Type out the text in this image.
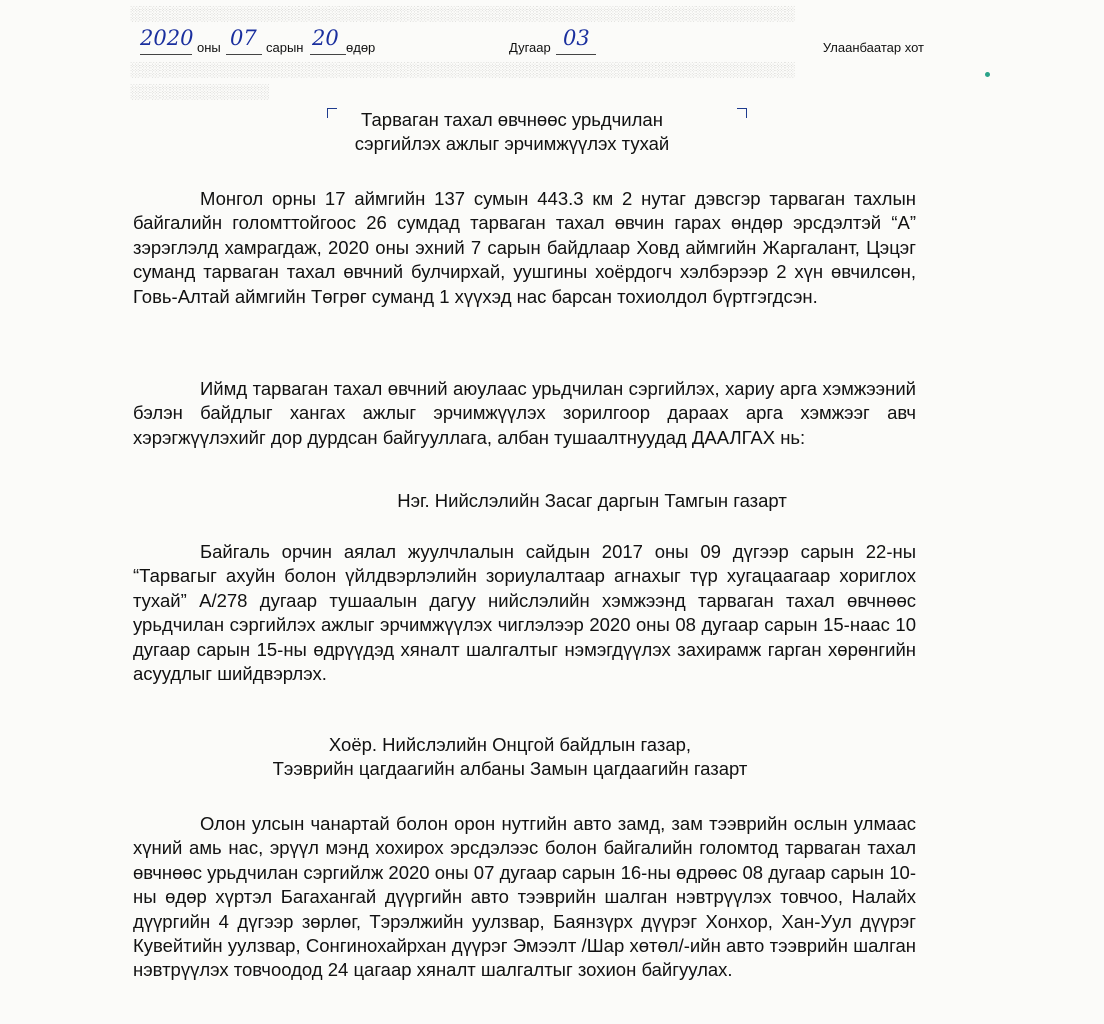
░░░░░░░░░░░░░░░░░░░░░░░░░░░░░░░░░░░░░░░░░░░░░░░░░░░░░░░░░░░░░░░░░░░
░░░░░░░░░░░░░░░░░░░░░░░░░░░░░░░░░░░░░░░░░░░░░░░░░░░░░░░░░░░░░░░░░░░
░░░░░░░░░░░░░░
2020 оны 07 сарын 20 өдөр	Дугаар 03	Улаанбаатар хот
Тарваган тахал өвчнөөс урьдчилан
сэргийлэх ажлыг эрчимжүүлэх тухай
Монгол орны 17 аймгийн 137 сумын 443.3 км 2 нутаг дэвсгэр тарваган тахлын байгалийн голомттойгоос 26 сумдад тарваган тахал өвчин гарах өндөр эрсдэлтэй “А” зэрэглэлд хамрагдаж, 2020 оны эхний 7 сарын байдлаар Ховд аймгийн Жаргалант, Цэцэг суманд тарваган тахал өвчний булчирхай, уушгины хоёрдогч хэлбэрээр 2 хүн өвчилсөн, Говь-Алтай аймгийн Төгрөг суманд 1 хүүхэд нас барсан тохиолдол бүртгэгдсэн.
Иймд тарваган тахал өвчний аюулаас урьдчилан сэргийлэх, хариу арга хэмжээний бэлэн байдлыг хангах ажлыг эрчимжүүлэх зорилгоор дараах арга хэмжээг авч хэрэгжүүлэхийг дор дурдсан байгууллага, албан тушаалтнуудад ДААЛГАХ нь:
Нэг. Нийслэлийн Засаг даргын Тамгын газарт
Байгаль орчин аялал жуулчлалын сайдын 2017 оны 09 дүгээр сарын 22-ны “Тарвагыг ахуйн болон үйлдвэрлэлийн зориулалтаар агнахыг түр хугацаагаар хориглох тухай” А/278 дугаар тушаалын дагуу нийслэлийн хэмжээнд тарваган тахал өвчнөөс урьдчилан сэргийлэх ажлыг эрчимжүүлэх чиглэлээр 2020 оны 08 дугаар сарын 15-наас 10 дугаар сарын 15-ны өдрүүдэд хяналт шалгалтыг нэмэгдүүлэх захирамж гарган хөрөнгийн асуудлыг шийдвэрлэх.
Хоёр. Нийслэлийн Онцгой байдлын газар,
Тээврийн цагдаагийн албаны Замын цагдаагийн газарт
Олон улсын чанартай болон орон нутгийн авто замд, зам тээврийн ослын улмаас хүний амь нас, эрүүл мэнд хохирох эрсдэлээс болон байгалийн голомтод тарваган тахал өвчнөөс урьдчилан сэргийлж 2020 оны 07 дугаар сарын 16-ны өдрөөс 08 дугаар сарын 10-ны өдөр хүртэл Багахангай дүүргийн авто тээврийн шалган нэвтрүүлэх товчоо, Налайх дүүргийн 4 дүгээр зөрлөг, Тэрэлжийн уулзвар, Баянзүрх дүүрэг Хонхор, Хан-Уул дүүрэг Кувейтийн уулзвар, Сонгинохайрхан дүүрэг Эмээлт /Шар хөтөл/-ийн авто тээврийн шалган нэвтрүүлэх товчоодод 24 цагаар хяналт шалгалтыг зохион байгуулах.
